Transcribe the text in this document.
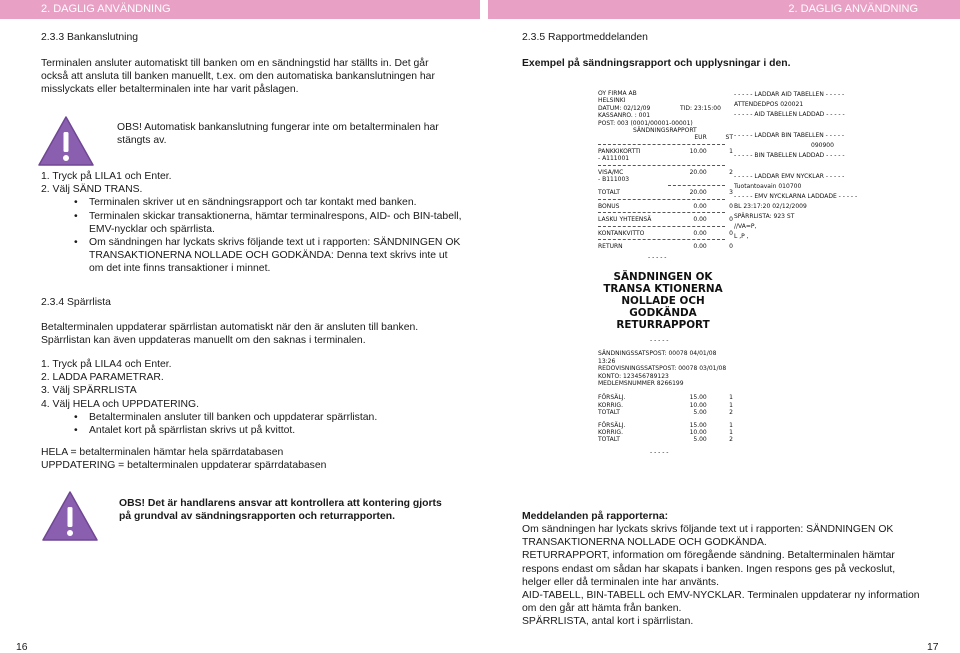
2. DAGLIG ANVÄNDNING	2. DAGLIG ANVÄNDNING
2.3.3 Bankanslutning
Terminalen ansluter automatiskt till banken om en sändningstid har ställts in. Det går också att ansluta till banken manuellt, t.ex. om den automatiska bankanslutningen har misslyckats eller betalterminalen inte har varit påslagen.
OBS! Automatisk bankanslutning fungerar inte om betalterminalen har stängts av.
1. Tryck på LILA1 och Enter.
2. Välj SÄND TRANS.
• Terminalen skriver ut en sändningsrapport och tar kontakt med banken.
• Terminalen skickar transaktionerna, hämtar terminalrespons, AID- och BIN-tabell, EMV-nycklar och spärrlista.
• Om sändningen har lyckats skrivs följande text ut i rapporten: SÄNDNINGEN OK TRANSAKTIONERNA NOLLADE OCH GODKÄNDA: Denna text skrivs inte ut om det inte finns transaktioner i minnet.
2.3.4 Spärrlista
Betalterminalen uppdaterar spärrlistan automatiskt när den är ansluten till banken. Spärrlistan kan även uppdateras manuellt om den saknas i terminalen.
1. Tryck på LILA4 och Enter.
2. LADDA PARAMETRAR.
3. Välj SPÄRRLISTA
4. Välj HELA och UPPDATERING.
• Betalterminalen ansluter till banken och uppdaterar spärrlistan.
• Antalet kort på spärrlistan skrivs ut på kvittot.
HELA = betalterminalen hämtar hela spärrdatabasen
UPPDATERING = betalterminalen uppdaterar spärrdatabasen
OBS! Det är handlarens ansvar att kontrollera att kontering gjorts på grundval av sändningsrapporten och returrapporten.
16
2.3.5 Rapportmeddelanden
Exempel på sändningsrapport och upplysningar i den.
OY FIRMA AB
HELSINKI
DATUM: 02/12/09	TID: 23:15:00
KASSANRO. : 001
POST: 003 (0001/00001-00001)
SÄNDNINGSRAPPORT
EUR	ST
PANKKIKORTTI	10.00	1
- A111001
VISA/MC	20.00	2
- B111003
TOTALT	20.00	3
BONUS	0.00	0
LASKU YHTEENSÄ	0.00	0
KONTANKVITTO	0.00	0
RETURN	0.00	0
- - - - -
SÄNDNINGEN OK TRANSA KTIONERNA NOLLADE OCH GODKÄNDA RETURRAPPORT
- - - - -
SÄNDNINGSSATSPOST: 00078 04/01/08 13:26
REDOVISNINGSSATSPOST: 00078 03/01/08
KONTO: 123456789123
MEDLEMSNUMMER 8266199
FÖRSÄLJ.	15.00	1
KORRIG.	10.00	1
TOTALT	5.00	2
FÖRSÄLJ.	15.00	1
KORRIG.	10.00	1
TOTALT	5.00	2
- - - - -
- - - - - LADDAR AID TABELLEN - - - - -
ATTENDEDPOS 020021
- - - - - AID TABELLEN LADDAD - - - - -
- - - - - LADDAR BIN TABELLEN - - - - -
090900
- - - - - BIN TABELLEN LADDAD - - - - -
- - - - - LADDAR EMV NYCKLAR - - - - -
Tuotantoavain 010700
- - - - - EMV NYCKLARNA LADDADE - - - - -
BL 23:17:20 02/12/2009
SPÄRRLISTA: 923 ST
//VA=P,
L ,P ,
Meddelanden på rapporterna:
Om sändningen har lyckats skrivs följande text ut i rapporten: SÄNDNINGEN OK TRANSAKTIONERNA NOLLADE OCH GODKÄNDA.
RETURRAPPORT, information om föregående sändning. Betalterminalen hämtar respons endast om sådan har skapats i banken. Ingen respons ges på veckoslut, helger eller då terminalen inte har använts.
AID-TABELL, BIN-TABELL och EMV-NYCKLAR. Terminalen uppdaterar ny information om den går att hämta från banken.
SPÄRRLISTA, antal kort i spärrlistan.
17
